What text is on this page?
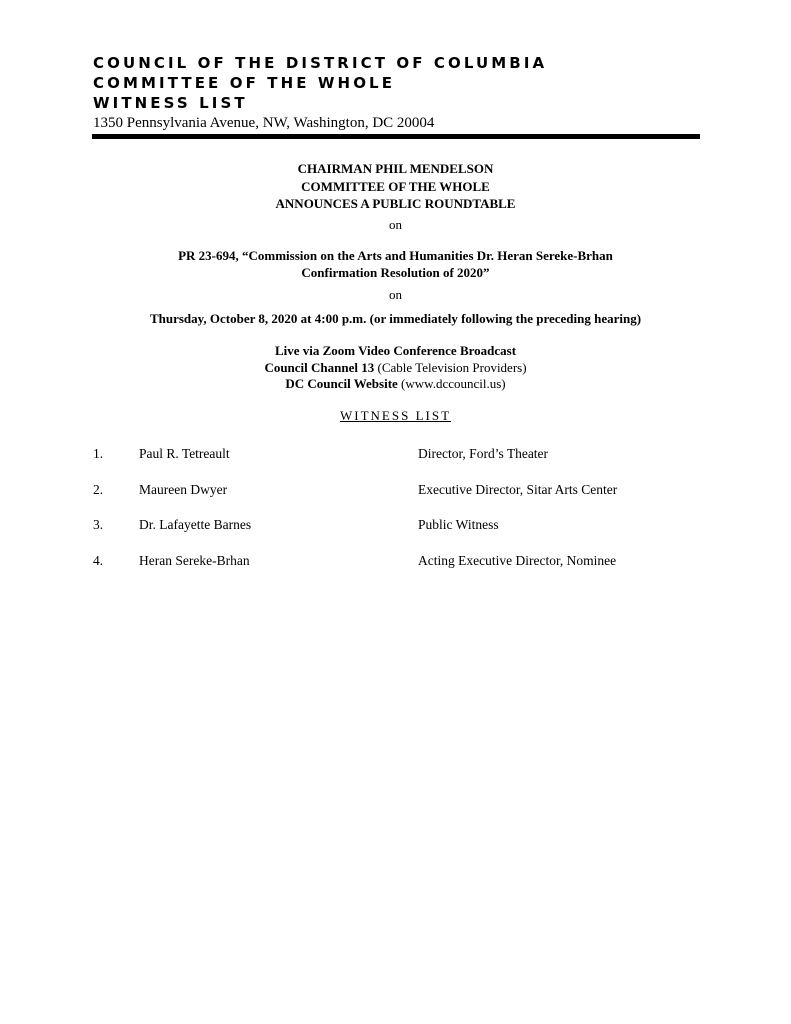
COUNCIL OF THE DISTRICT OF COLUMBIA
COMMITTEE OF THE WHOLE
WITNESS LIST
1350 Pennsylvania Avenue, NW, Washington, DC 20004
CHAIRMAN PHIL MENDELSON
COMMITTEE OF THE WHOLE
ANNOUNCES A PUBLIC ROUNDTABLE
on
PR 23-694, “Commission on the Arts and Humanities Dr. Heran Sereke-Brhan
Confirmation Resolution of 2020”
on
Thursday, October 8, 2020 at 4:00 p.m. (or immediately following the preceding hearing)
Live via Zoom Video Conference Broadcast
Council Channel 13 (Cable Television Providers)
DC Council Website (www.dccouncil.us)
WITNESS LIST
1.	Paul R. Tetreault	Director, Ford’s Theater
2.	Maureen Dwyer	Executive Director, Sitar Arts Center
3.	Dr. Lafayette Barnes	Public Witness
4.	Heran Sereke-Brhan	Acting Executive Director, Nominee
